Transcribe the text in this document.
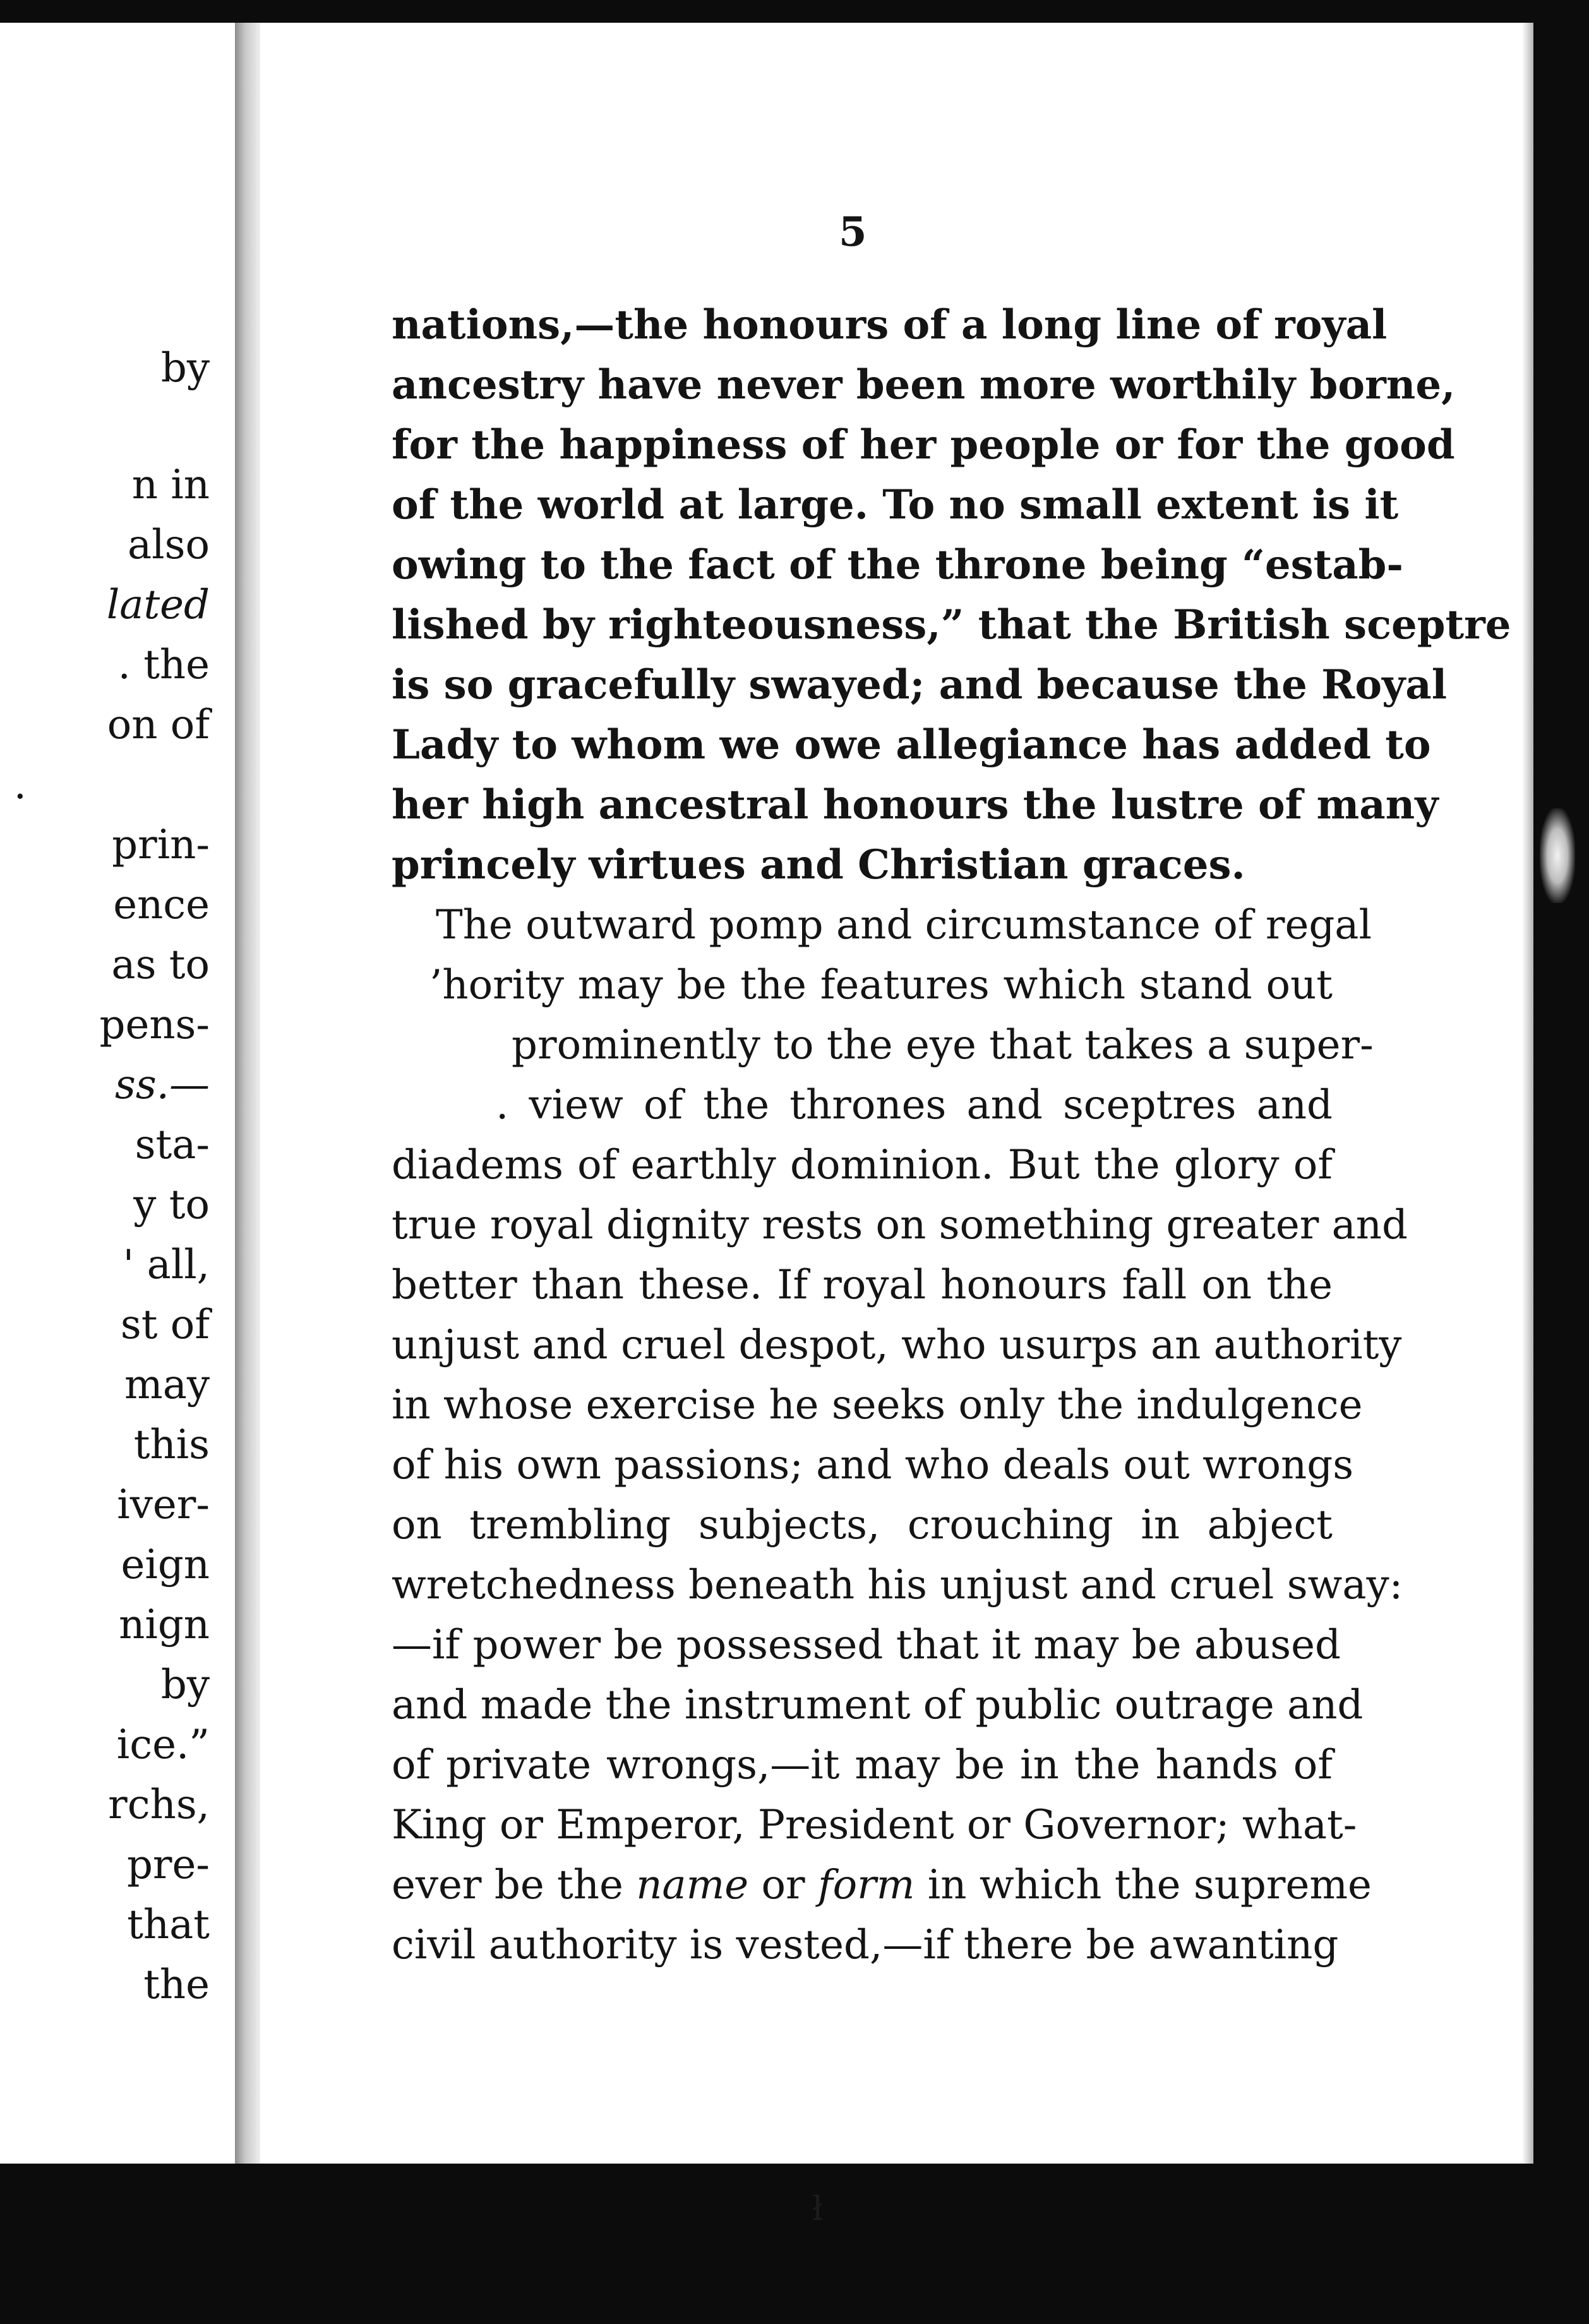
by
n in
also
lated
. the
on of
.
prin-
ence
as to
pens-
ss.—
sta-
y to
' all,
st of
may
this
iver-
eign
nign
by
ice.”
rchs,
pre-
that
the
5
nations,—the honours of a long line of royal
ancestry have never been more worthily borne,
for the happiness of her people or for the good
of the world at large. To no small extent is it
owing to the fact of the throne being “estab-
lished by righteousness,” that the British sceptre
is so gracefully swayed; and because the Royal
Lady to whom we owe allegiance has added to
her high ancestral honours the lustre of many
princely virtues and Christian graces.
The outward pomp and circumstance of regal
’hority may be the features which stand out
prominently to the eye that takes a super-
. view of the thrones and sceptres and
diadems of earthly dominion. But the glory of
true royal dignity rests on something greater and
better than these. If royal honours fall on the
unjust and cruel despot, who usurps an authority
in whose exercise he seeks only the indulgence
of his own passions; and who deals out wrongs
on trembling subjects, crouching in abject
wretchedness beneath his unjust and cruel sway:
—if power be possessed that it may be abused
and made the instrument of public outrage and
of private wrongs,—it may be in the hands of
King or Emperor, President or Governor; what-
ever be the name or form in which the supreme
civil authority is vested,—if there be awanting
ł
